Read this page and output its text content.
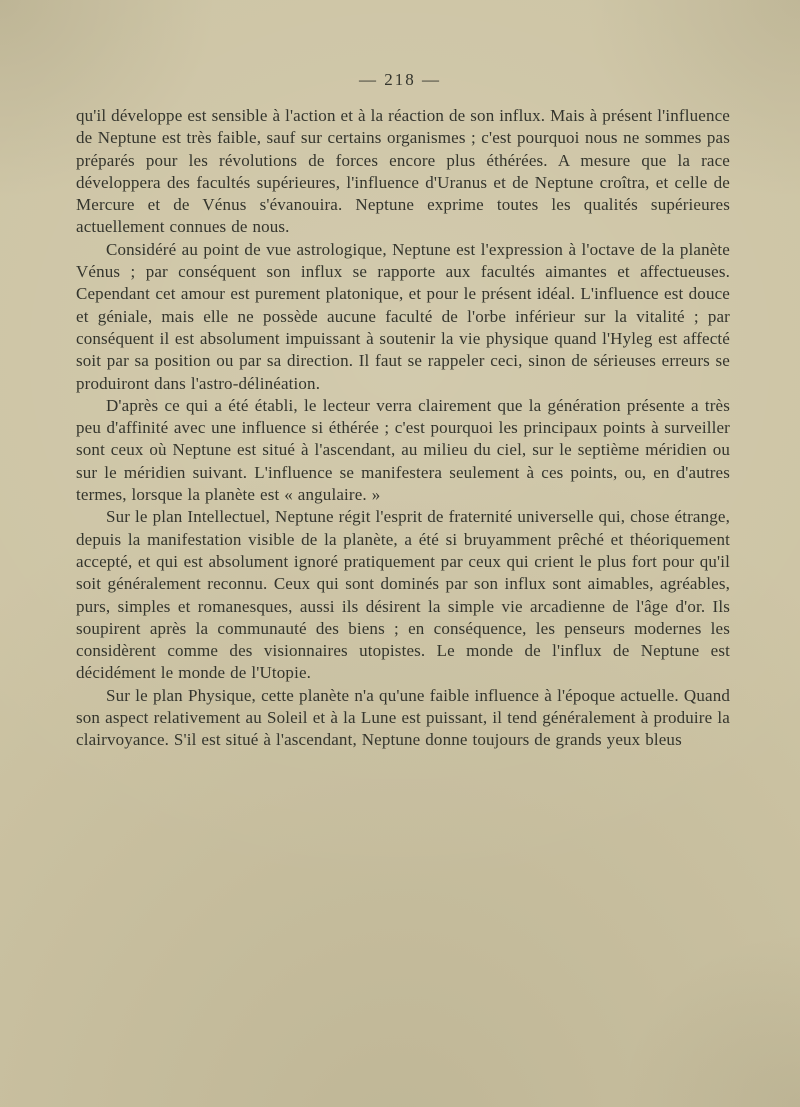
— 218 —

qu'il développe est sensible à l'action et à la réaction de son influx. Mais à présent l'influence de Neptune est très faible, sauf sur certains organismes ; c'est pourquoi nous ne sommes pas préparés pour les révolutions de forces encore plus éthérées. A mesure que la race développera des facultés supérieures, l'influence d'Uranus et de Neptune croîtra, et celle de Mercure et de Vénus s'évanouira. Neptune exprime toutes les qualités supérieures actuellement connues de nous.

Considéré au point de vue astrologique, Neptune est l'expression à l'octave de la planète Vénus ; par conséquent son influx se rapporte aux facultés aimantes et affectueuses. Cependant cet amour est purement platonique, et pour le présent idéal. L'influence est douce et géniale, mais elle ne possède aucune faculté de l'orbe inférieur sur la vitalité ; par conséquent il est absolument impuissant à soutenir la vie physique quand l'Hyleg est affecté soit par sa position ou par sa direction. Il faut se rappeler ceci, sinon de sérieuses erreurs se produiront dans l'astro-délinéation.

D'après ce qui a été établi, le lecteur verra clairement que la génération présente a très peu d'affinité avec une influence si éthérée ; c'est pourquoi les principaux points à surveiller sont ceux où Neptune est situé à l'ascendant, au milieu du ciel, sur le septième méridien ou sur le méridien suivant. L'influence se manifestera seulement à ces points, ou, en d'autres termes, lorsque la planète est « angulaire. »

Sur le plan Intellectuel, Neptune régit l'esprit de fraternité universelle qui, chose étrange, depuis la manifestation visible de la planète, a été si bruyamment prêché et théoriquement accepté, et qui est absolument ignoré pratiquement par ceux qui crient le plus fort pour qu'il soit généralement reconnu. Ceux qui sont dominés par son influx sont aimables, agréables, purs, simples et romanesques, aussi ils désirent la simple vie arcadienne de l'âge d'or. Ils soupirent après la communauté des biens ; en conséquence, les penseurs modernes les considèrent comme des visionnaires utopistes. Le monde de l'influx de Neptune est décidément le monde de l'Utopie.

Sur le plan Physique, cette planète n'a qu'une faible influence à l'époque actuelle. Quand son aspect relativement au Soleil et à la Lune est puissant, il tend généralement à produire la clairvoyance. S'il est situé à l'ascendant, Neptune donne toujours de grands yeux bleus
